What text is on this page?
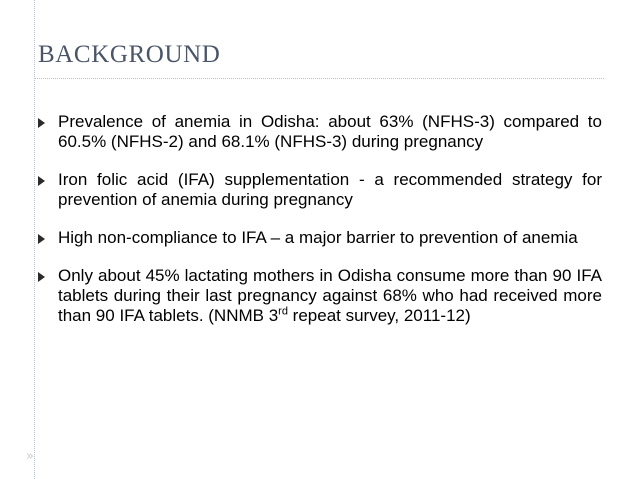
BACKGROUND
Prevalence of anemia in Odisha: about 63% (NFHS-3) compared to 60.5% (NFHS-2) and 68.1% (NFHS-3) during pregnancy
Iron folic acid (IFA) supplementation - a recommended strategy for prevention of anemia during pregnancy
High non-compliance to IFA – a major barrier to prevention of anemia
Only about 45% lactating mothers in Odisha consume more than 90 IFA tablets during their last pregnancy against 68% who had received more than 90 IFA tablets. (NNMB 3rd repeat survey, 2011-12)
»
